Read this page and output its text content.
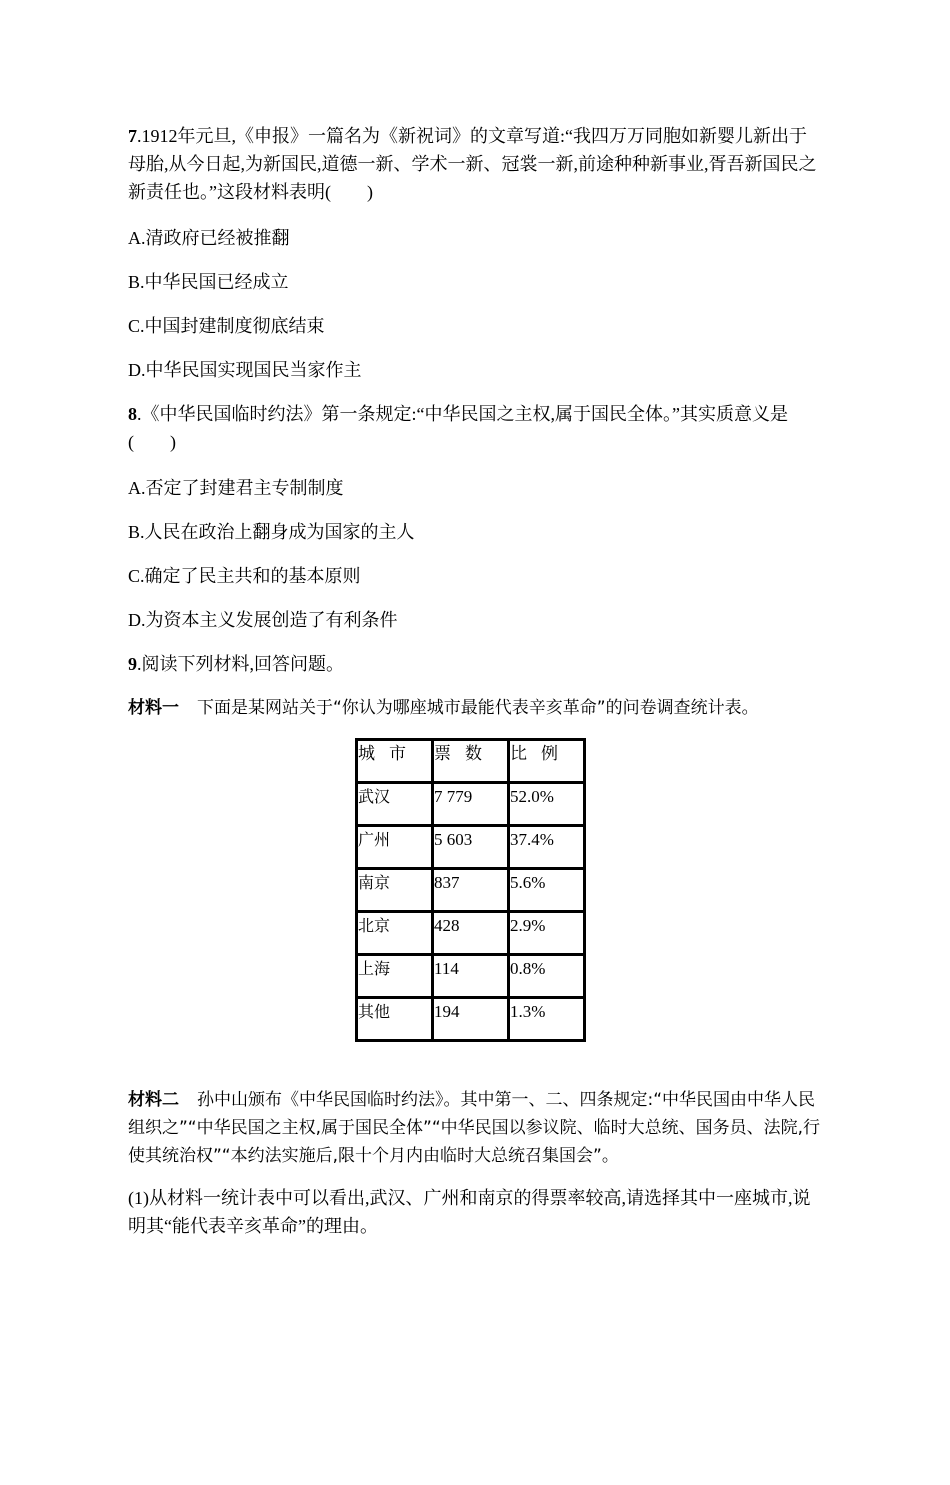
7.1912年元旦,《申报》一篇名为《新祝词》的文章写道:“我四万万同胞如新婴儿新出于母胎,从今日起,为新国民,道德一新、学术一新、冠裳一新,前途种种新事业,胥吾新国民之新责任也。”这段材料表明(　　)

A.清政府已经被推翻

B.中华民国已经成立

C.中国封建制度彻底结束

D.中华民国实现国民当家作主

8.《中华民国临时约法》第一条规定:“中华民国之主权,属于国民全体。”其实质意义是(　　)

A.否定了封建君主专制制度

B.人民在政治上翻身成为国家的主人

C.确定了民主共和的基本原则

D.为资本主义发展创造了有利条件

9.阅读下列材料,回答问题。

材料一 下面是某网站关于“你认为哪座城市最能代表辛亥革命”的问卷调查统计表。

城市	票数	比例
武汉	7 779	52.0%
广州	5 603	37.4%
南京	837	5.6%
北京	428	2.9%
上海	114	0.8%
其他	194	1.3%

材料二 孙中山颁布《中华民国临时约法》。其中第一、二、四条规定:“中华民国由中华人民组织之”“中华民国之主权,属于国民全体”“中华民国以参议院、临时大总统、国务员、法院,行使其统治权”“本约法实施后,限十个月内由临时大总统召集国会”。

(1)从材料一统计表中可以看出,武汉、广州和南京的得票率较高,请选择其中一座城市,说明其“能代表辛亥革命”的理由。
